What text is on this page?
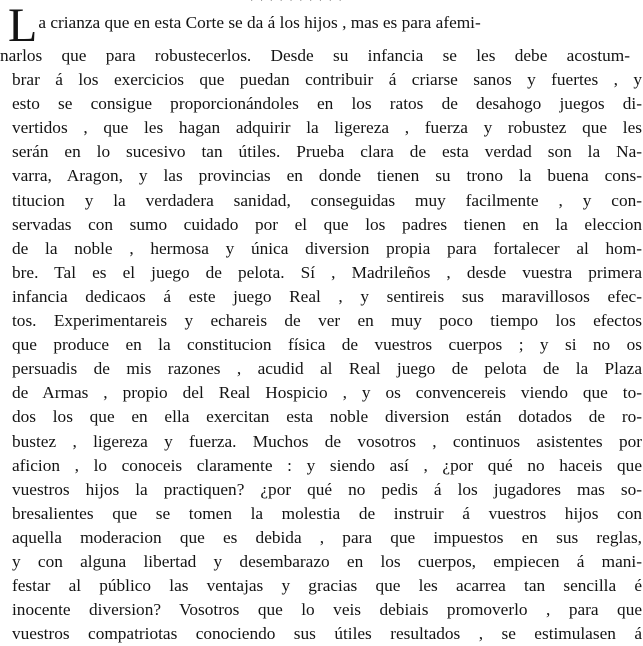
· · · · · · · · · ·
La crianza que en esta Corte se da á los hijos , mas es para afemi-
narlos que para robustecerlos. Desde su infancia se les debe acostum-
brar á los exercicios que puedan contribuir á criarse sanos y fuertes , y
esto se consigue proporcionándoles en los ratos de desahogo juegos di-
vertidos , que les hagan adquirir la ligereza , fuerza y robustez que les
serán en lo sucesivo tan útiles. Prueba clara de esta verdad son la Na-
varra, Aragon, y las provincias en donde tienen su trono la buena cons-
titucion y la verdadera sanidad, conseguidas muy facilmente , y con-
servadas con sumo cuidado por el que los padres tienen en la eleccion
de la noble , hermosa y única diversion propia para fortalecer al hom-
bre. Tal es el juego de pelota. Sí , Madrileños , desde vuestra primera
infancia dedicaos á este juego Real , y sentireis sus maravillosos efec-
tos. Experimentareis y echareis de ver en muy poco tiempo los efectos
que produce en la constitucion física de vuestros cuerpos ; y si no os
persuadis de mis razones , acudid al Real juego de pelota de la Plaza
de Armas , propio del Real Hospicio , y os convencereis viendo que to-
dos los que en ella exercitan esta noble diversion están dotados de ro-
bustez , ligereza y fuerza. Muchos de vosotros , continuos asistentes por
aficion , lo conoceis claramente : y siendo así , ¿por qué no haceis que
vuestros hijos la practiquen? ¿por qué no pedis á los jugadores mas so-
bresalientes que se tomen la molestia de instruir á vuestros hijos con
aquella moderacion que es debida , para que impuestos en sus reglas,
y con alguna libertad y desembarazo en los cuerpos, empiecen á mani-
festar al público las ventajas y gracias que les acarrea tan sencilla é
inocente diversion? Vosotros que lo veis debiais promoverlo , para que
vuestros compatriotas conociendo sus útiles resultados , se estimulasen á
